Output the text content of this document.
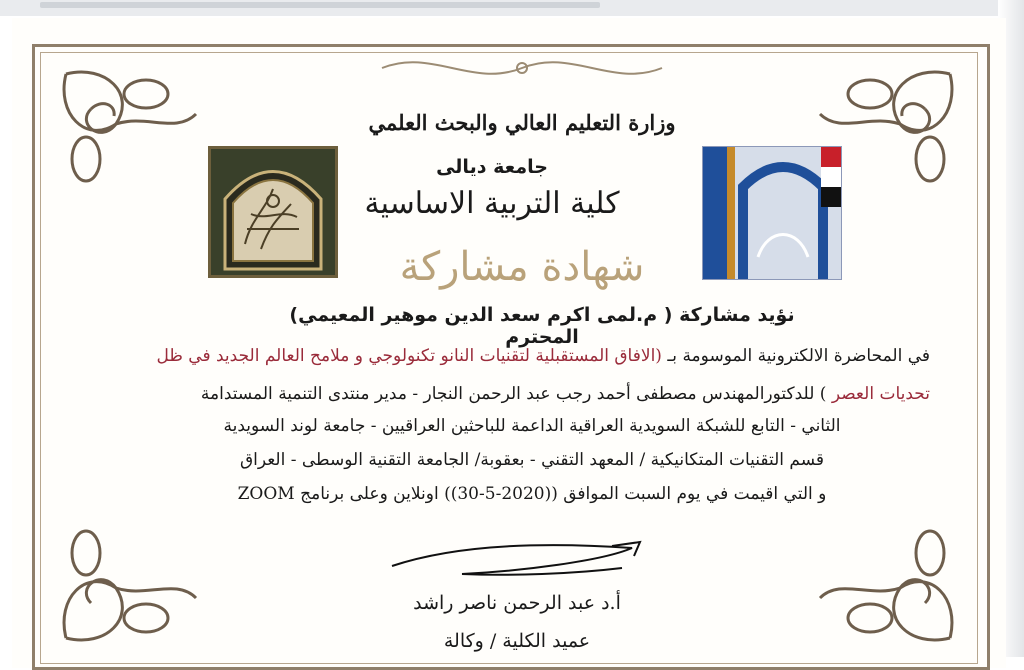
وزارة التعليم العالي والبحث العلمي
جامعة ديالى
كلية التربية الاساسية
شهادة مشاركة
نؤيد مشاركة ( م.لمى اكرم سعد الدين موهير المعيمي) المحترم
في المحاضرة الالكترونية الموسومة بـ (الافاق المستقبلية لتقنيات النانو تكنولوجي و ملامح العالم الجديد في ظل
تحديات العصر ) للدكتورالمهندس مصطفى أحمد رجب عبد الرحمن النجار - مدير منتدى التنمية المستدامة
الثاني - التابع للشبكة السويدية العراقية الداعمة للباحثين العراقيين - جامعة لوند السويدية
قسم التقنيات المتكانيكية / المعهد التقني - بعقوبة/ الجامعة التقنية الوسطى - العراق
و التي اقيمت في يوم السبت الموافق ((2020-5-30)) اونلاين وعلى برنامج ZOOM
أ.د عبد الرحمن ناصر راشد
عميد الكلية / وكالة
